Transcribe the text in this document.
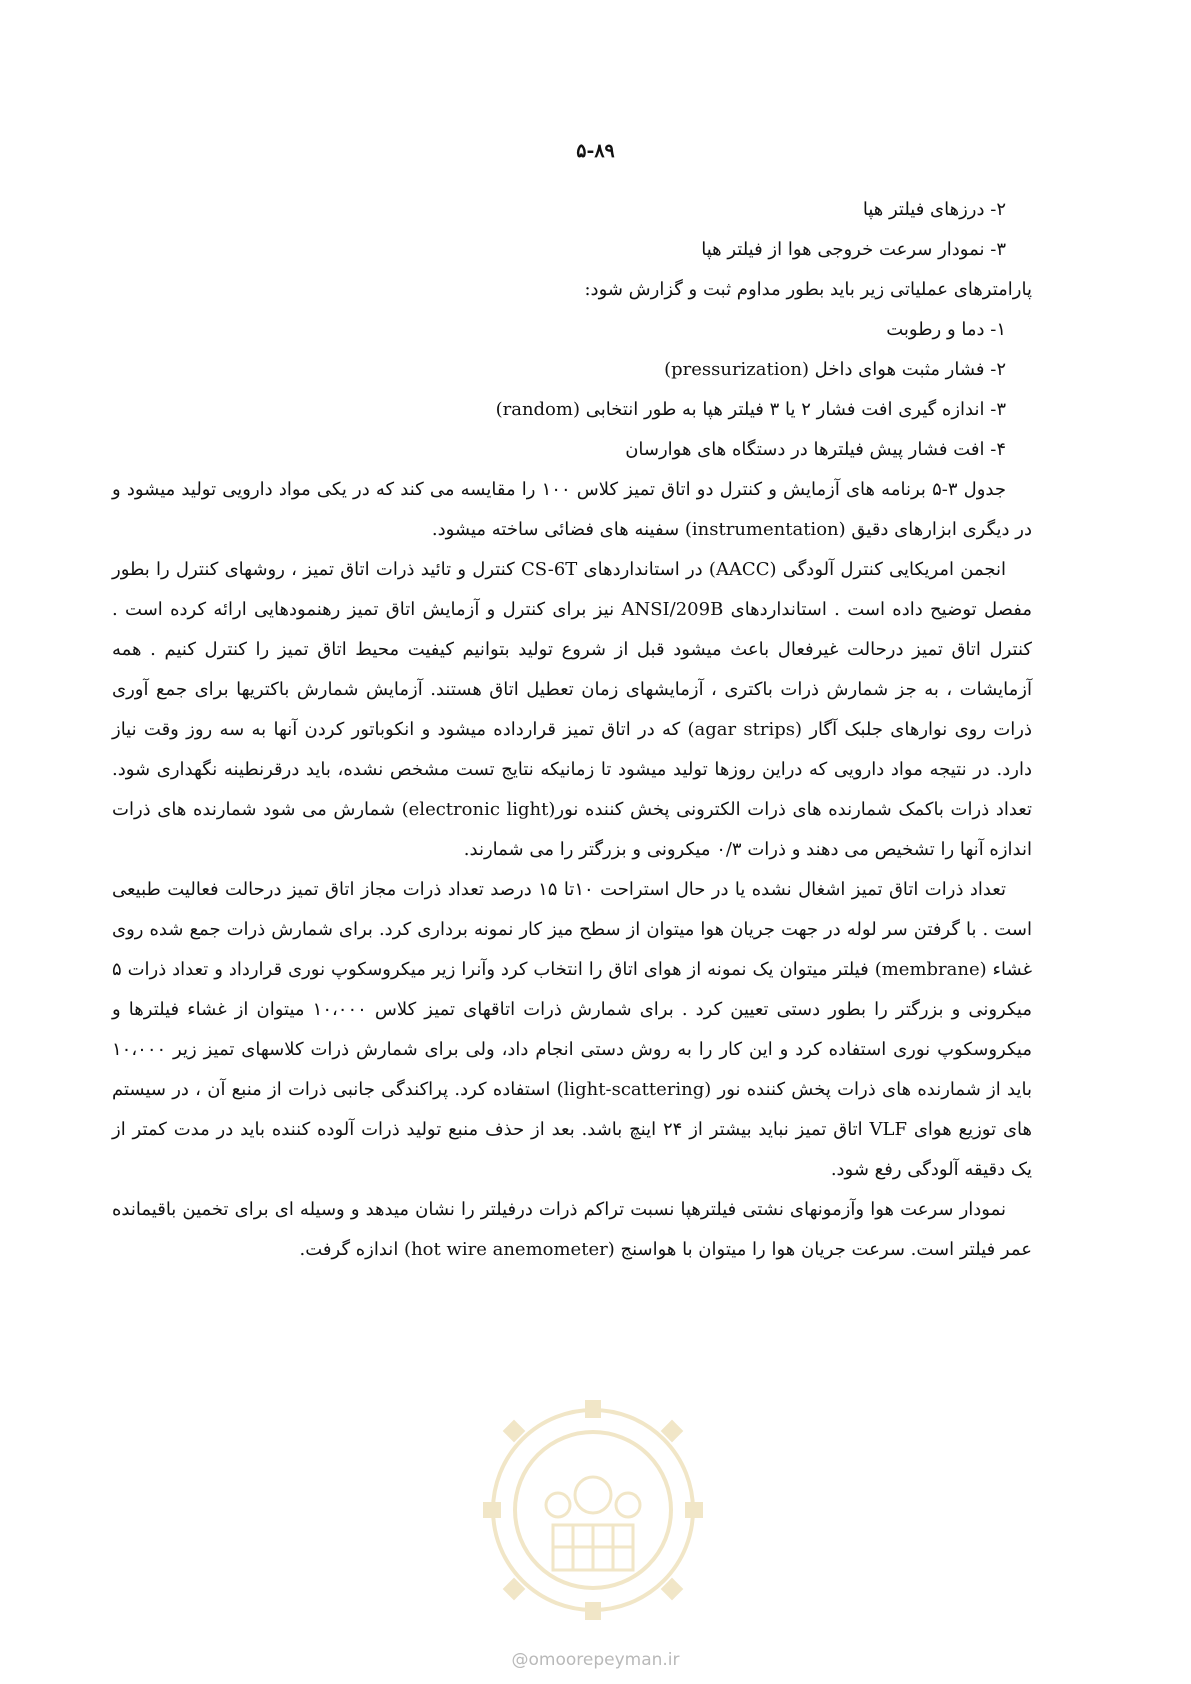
۵-۸۹
۲- درزهای فیلتر هپا
۳- نمودار سرعت خروجی هوا از فیلتر هپا
پارامترهای عملیاتی زیر باید بطور مداوم ثبت و گزارش شود:
۱- دما و رطوبت
۲- فشار مثبت هوای داخل (pressurization)
۳- اندازه گیری افت فشار ۲ یا ۳ فیلتر هپا به طور انتخابی (random)
۴- افت فشار پیش فیلترها در دستگاه های هوارسان

جدول ۳-۵ برنامه های آزمایش و کنترل دو اتاق تمیز کلاس ۱۰۰ را مقایسه می کند که در یکی مواد دارویی تولید میشود و در دیگری ابزارهای دقیق (instrumentation) سفینه های فضائی ساخته میشود.

انجمن امریکایی کنترل آلودگی (AACC) در استانداردهای CS-6T کنترل و تائید ذرات اتاق تمیز ، روشهای کنترل را بطور مفصل توضیح داده است . استانداردهای ANSI/209B نیز برای کنترل و آزمایش اتاق تمیز رهنمودهایی ارائه کرده است . کنترل اتاق تمیز درحالت غیرفعال باعث میشود قبل از شروع تولید بتوانیم کیفیت محیط اتاق تمیز را کنترل کنیم . همه آزمایشات ، به جز شمارش ذرات باکتری ، آزمایشهای زمان تعطیل اتاق هستند. آزمایش شمارش باکتریها برای جمع آوری ذرات روی نوارهای جلبک آگار (agar strips) که در اتاق تمیز قرارداده میشود و انکوباتور کردن آنها به سه روز وقت نیاز دارد. در نتیجه مواد دارویی که دراین روزها تولید میشود تا زمانیکه نتایج تست مشخص نشده، باید درقرنطینه نگهداری شود. تعداد ذرات باکمک شمارنده های ذرات الکترونی پخش کننده نور(electronic light) شمارش می شود شمارنده های ذرات اندازه آنها را تشخیص می دهند و ذرات ۰/۳ میکرونی و بزرگتر را می شمارند.

تعداد ذرات اتاق تمیز اشغال نشده یا در حال استراحت ۱۰تا ۱۵ درصد تعداد ذرات مجاز اتاق تمیز درحالت فعالیت طبیعی است . با گرفتن سر لوله در جهت جریان هوا میتوان از سطح میز کار نمونه برداری کرد. برای شمارش ذرات جمع شده روی غشاء (membrane) فیلتر میتوان یک نمونه از هوای اتاق را انتخاب کرد وآنرا زیر میکروسکوپ نوری قرارداد و تعداد ذرات ۵ میکرونی و بزرگتر را بطور دستی تعیین کرد . برای شمارش ذرات اتاقهای تمیز کلاس ۱۰،۰۰۰ میتوان از غشاء فیلترها و میکروسکوپ نوری استفاده کرد و این کار را به روش دستی انجام داد، ولی برای شمارش ذرات کلاسهای تمیز زیر ۱۰،۰۰۰ باید از شمارنده های ذرات پخش کننده نور (light-scattering) استفاده کرد. پراکندگی جانبی ذرات از منبع آن ، در سیستم های توزیع هوای VLF اتاق تمیز نباید بیشتر از ۲۴ اینچ باشد. بعد از حذف منبع تولید ذرات آلوده کننده باید در مدت کمتر از یک دقیقه آلودگی رفع شود.

نمودار سرعت هوا وآزمونهای نشتی فیلترهپا نسبت تراکم ذرات درفیلتر را نشان میدهد و وسیله ای برای تخمین باقیمانده عمر فیلتر است. سرعت جریان هوا را میتوان با هواسنج (hot wire anemometer) اندازه گرفت.

@omoorepeyman.ir
